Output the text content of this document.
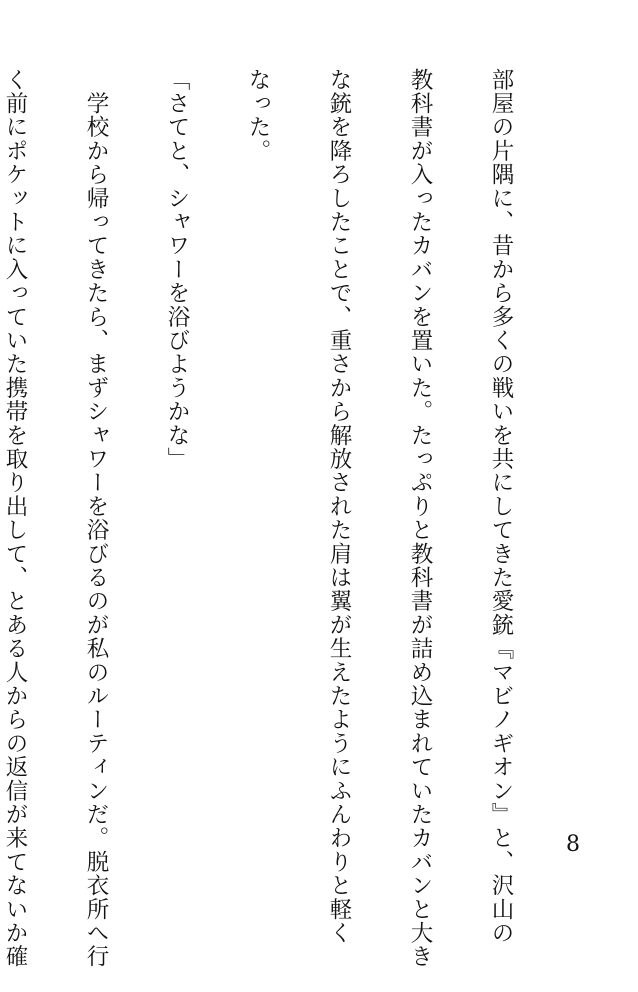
部屋の片隅に、昔から多くの戦いを共にしてきた愛銃『マビノギオン』と、沢山の

教科書が入ったカバンを置いた。たっぷりと教科書が詰め込まれていたカバンと大き

な銃を降ろしたことで、重さから解放された肩は翼が生えたようにふんわりと軽く

なった。

「さてと、シャワーを浴びようかな」

　学校から帰ってきたら、まずシャワーを浴びるのが私のルーティンだ。脱衣所へ行

く前にポケットに入っていた携帯を取り出して、とある人からの返信が来てないか確

	8
